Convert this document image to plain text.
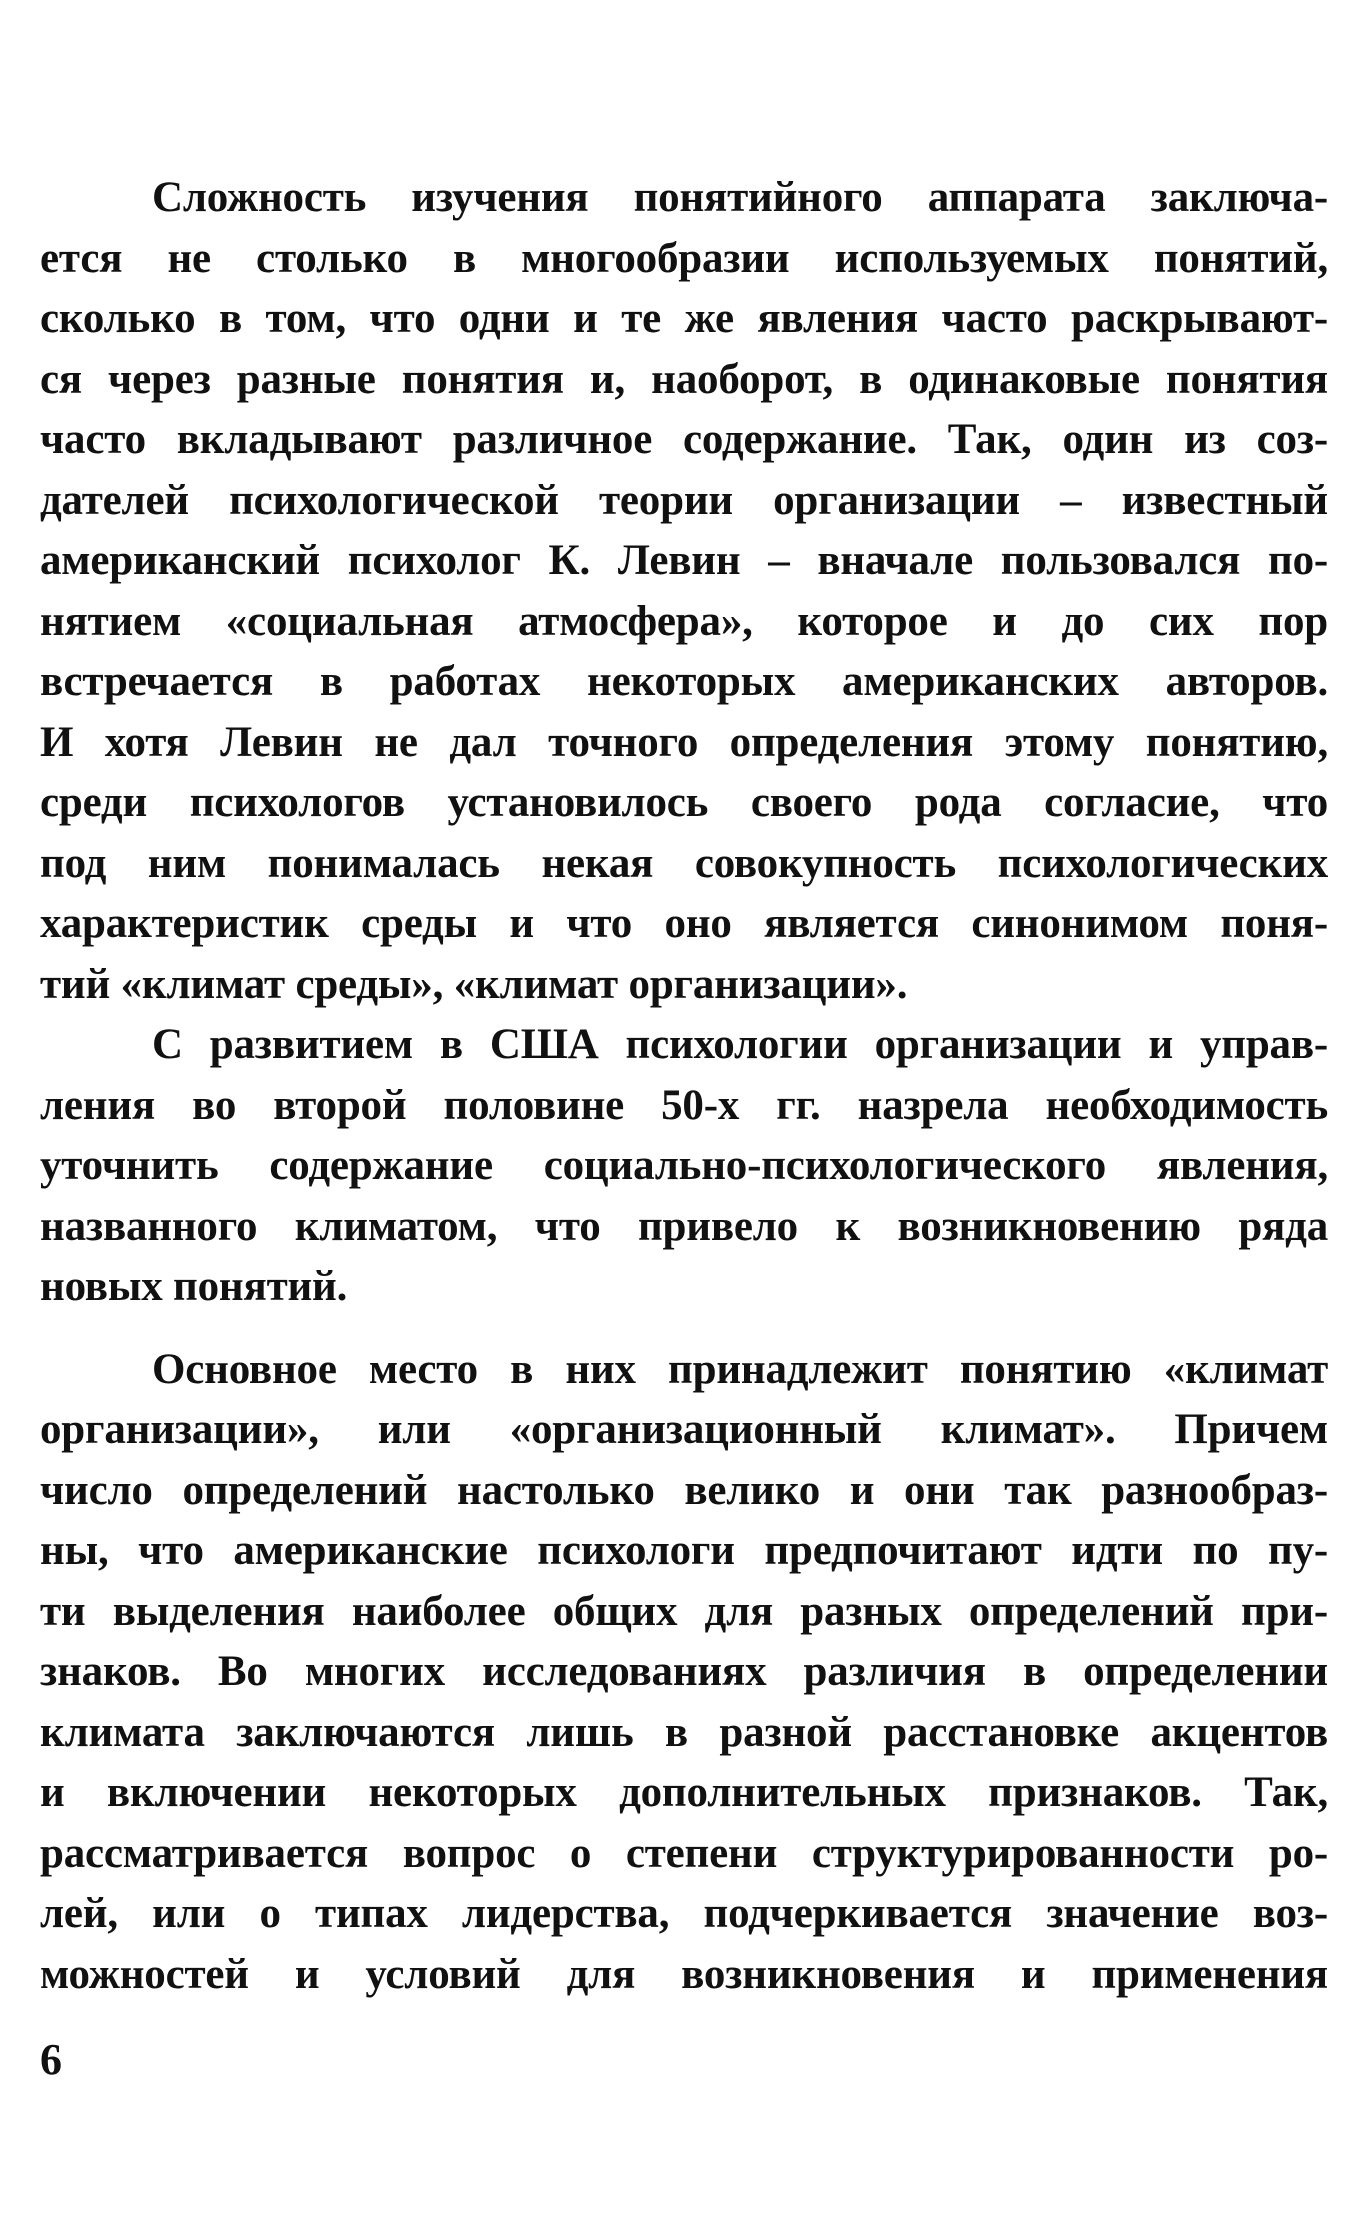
Сложность изучения понятийного аппарата заключа-
ется не столько в многообразии используемых понятий,
сколько в том, что одни и те же явления часто раскрывают-
ся через разные понятия и, наоборот, в одинаковые понятия
часто вкладывают различное содержание. Так, один из соз-
дателей психологической теории организации – известный
американский психолог К. Левин – вначале пользовался по-
нятием «социальная атмосфера», которое и до сих пор
встречается в работах некоторых американских авторов.
И хотя Левин не дал точного определения этому понятию,
среди психологов установилось своего рода согласие, что
под ним понималась некая совокупность психологических
характеристик среды и что оно является синонимом поня-
тий «климат среды», «климат организации».
С развитием в США психологии организации и управ-
ления во второй половине 50-х гг. назрела необходимость
уточнить содержание социально-психологического явления,
названного климатом, что привело к возникновению ряда
новых понятий.
Основное место в них принадлежит понятию «климат
организации», или «организационный климат». Причем
число определений настолько велико и они так разнообраз-
ны, что американские психологи предпочитают идти по пу-
ти выделения наиболее общих для разных определений при-
знаков. Во многих исследованиях различия в определении
климата заключаются лишь в разной расстановке акцентов
и включении некоторых дополнительных признаков. Так,
рассматривается вопрос о степени структурированности ро-
лей, или о типах лидерства, подчеркивается значение воз-
можностей и условий для возникновения и применения
6
